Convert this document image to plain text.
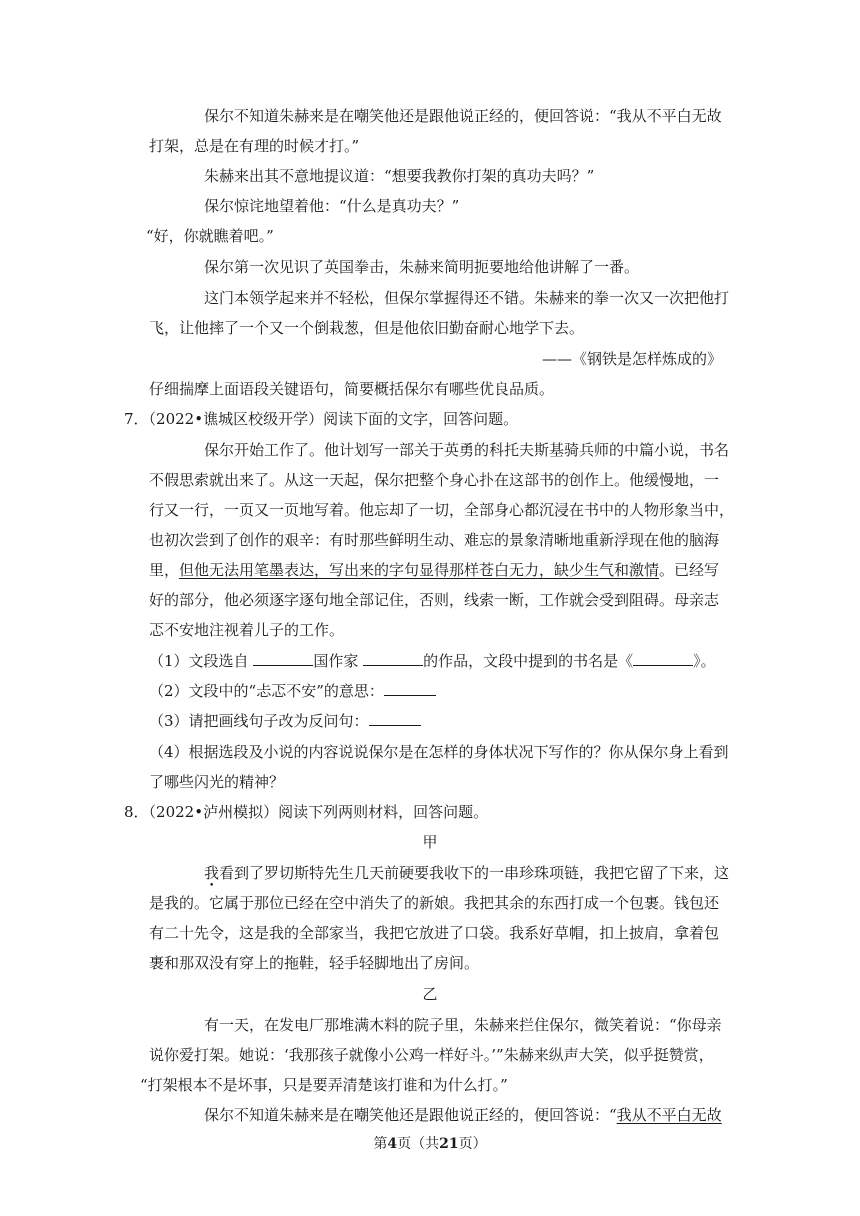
保尔不知道朱赫来是在嘲笑他还是跟他说正经的，便回答说：“我从不平白无故
打架，总是在有理的时候才打。”
朱赫来出其不意地提议道：“想要我教你打架的真功夫吗？”
保尔惊诧地望着他：“什么是真功夫？”
“好，你就瞧着吧。”
保尔第一次见识了英国拳击，朱赫来简明扼要地给他讲解了一番。
这门本领学起来并不轻松，但保尔掌握得还不错。朱赫来的拳一次又一次把他打
飞，让他摔了一个又一个倒栽葱，但是他依旧勤奋耐心地学下去。
——《钢铁是怎样炼成的》
仔细揣摩上面语段关键语句，简要概括保尔有哪些优良品质。
7．（2022•谯城区校级开学）阅读下面的文字，回答问题。
保尔开始工作了。他计划写一部关于英勇的科托夫斯基骑兵师的中篇小说，书名
不假思索就出来了。从这一天起，保尔把整个身心扑在这部书的创作上。他缓慢地，一
行又一行，一页又一页地写着。他忘却了一切，全部身心都沉浸在书中的人物形象当中，
也初次尝到了创作的艰辛：有时那些鲜明生动、难忘的景象清晰地重新浮现在他的脑海
里，但他无法用笔墨表达，写出来的字句显得那样苍白无力，缺少生气和激情。已经写
好的部分，他必须逐字逐句地全部记住，否则，线索一断，工作就会受到阻碍。母亲志
忑不安地注视着儿子的工作。
（1）文段选自	国作家	的作品，文段中提到的书名是《	》。
（2）文段中的“忐忑不安”的意思：
（3）请把画线句子改为反问句：
（4）根据选段及小说的内容说说保尔是在怎样的身体状况下写作的？你从保尔身上看到
了哪些闪光的精神？
8．（2022•泸州模拟）阅读下列两则材料，回答问题。
甲
我看到了罗切斯特先生几天前硬要我收下的一串珍珠项链，我把它留了下来，这
是我的。它属于那位已经在空中消失了的新娘。我把其余的东西打成一个包裹。钱包还
有二十先令，这是我的全部家当，我把它放进了口袋。我系好草帽，扣上披肩，拿着包
裹和那双没有穿上的拖鞋，轻手轻脚地出了房间。
乙
有一天，在发电厂那堆满木料的院子里，朱赫来拦住保尔，微笑着说：“你母亲
说你爱打架。她说：‘我那孩子就像小公鸡一样好斗。’”朱赫来纵声大笑，似乎挺赞赏，
“打架根本不是坏事，只是要弄清楚该打谁和为什么打。”
保尔不知道朱赫来是在嘲笑他还是跟他说正经的，便回答说：“我从不平白无故
第4页（共21页）
